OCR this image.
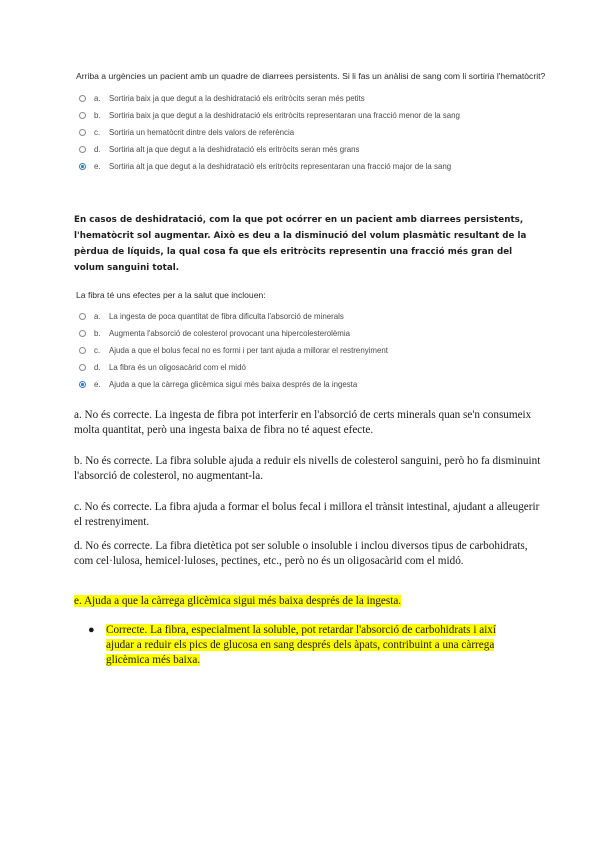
Arriba a urgències un pacient amb un quadre de diarrees persistents. Si li fas un anàlisi de sang com li sortiria l'hematòcrit?

a.	Sortiria baix ja que degut a la deshidratació els eritròcits seran més petits
b.	Sortiria baix ja que degut a la deshidratació els eritròcits representaran una fracció menor de la sang
c.	Sortiria un hematòcrit dintre dels valors de referència
d.	Sortiria alt ja que degut a la deshidratació els eritròcits seran més grans
e.	Sortiria alt ja que degut a la deshidratació els eritròcits representaran una fracció major de la sang

En casos de deshidratació, com la que pot ocórrer en un pacient amb diarrees persistents, l'hematòcrit sol augmentar. Això es deu a la disminució del volum plasmàtic resultant de la pèrdua de líquids, la qual cosa fa que els eritròcits representin una fracció més gran del volum sanguini total.

La fibra té uns efectes per a la salut que inclouen:

a.	La ingesta de poca quantitat de fibra dificulta l'absorció de minerals
b.	Augmenta l'absorció de colesterol provocant una hipercolesterolèmia
c.	Ajuda a que el bolus fecal no es formi i per tant ajuda a millorar el restrenyiment
d.	La fibra és un oligosacàrid com el midó
e.	Ajuda a que la càrrega glicèmica sigui més baixa després de la ingesta

a. No és correcte. La ingesta de fibra pot interferir en l'absorció de certs minerals quan se'n consumeix molta quantitat, però una ingesta baixa de fibra no té aquest efecte.

b. No és correcte. La fibra soluble ajuda a reduir els nivells de colesterol sanguini, però ho fa disminuint l'absorció de colesterol, no augmentant-la.

c. No és correcte. La fibra ajuda a formar el bolus fecal i millora el trànsit intestinal, ajudant a alleugerir el restrenyiment.

d. No és correcte. La fibra dietètica pot ser soluble o insoluble i inclou diversos tipus de carbohidrats, com cel·lulosa, hemicel·luloses, pectines, etc., però no és un oligosacàrid com el midó.

e. Ajuda a que la càrrega glicèmica sigui més baixa després de la ingesta.

●	Correcte. La fibra, especialment la soluble, pot retardar l'absorció de carbohidrats i així ajudar a reduir els pics de glucosa en sang després dels àpats, contribuint a una càrrega glicèmica més baixa.
